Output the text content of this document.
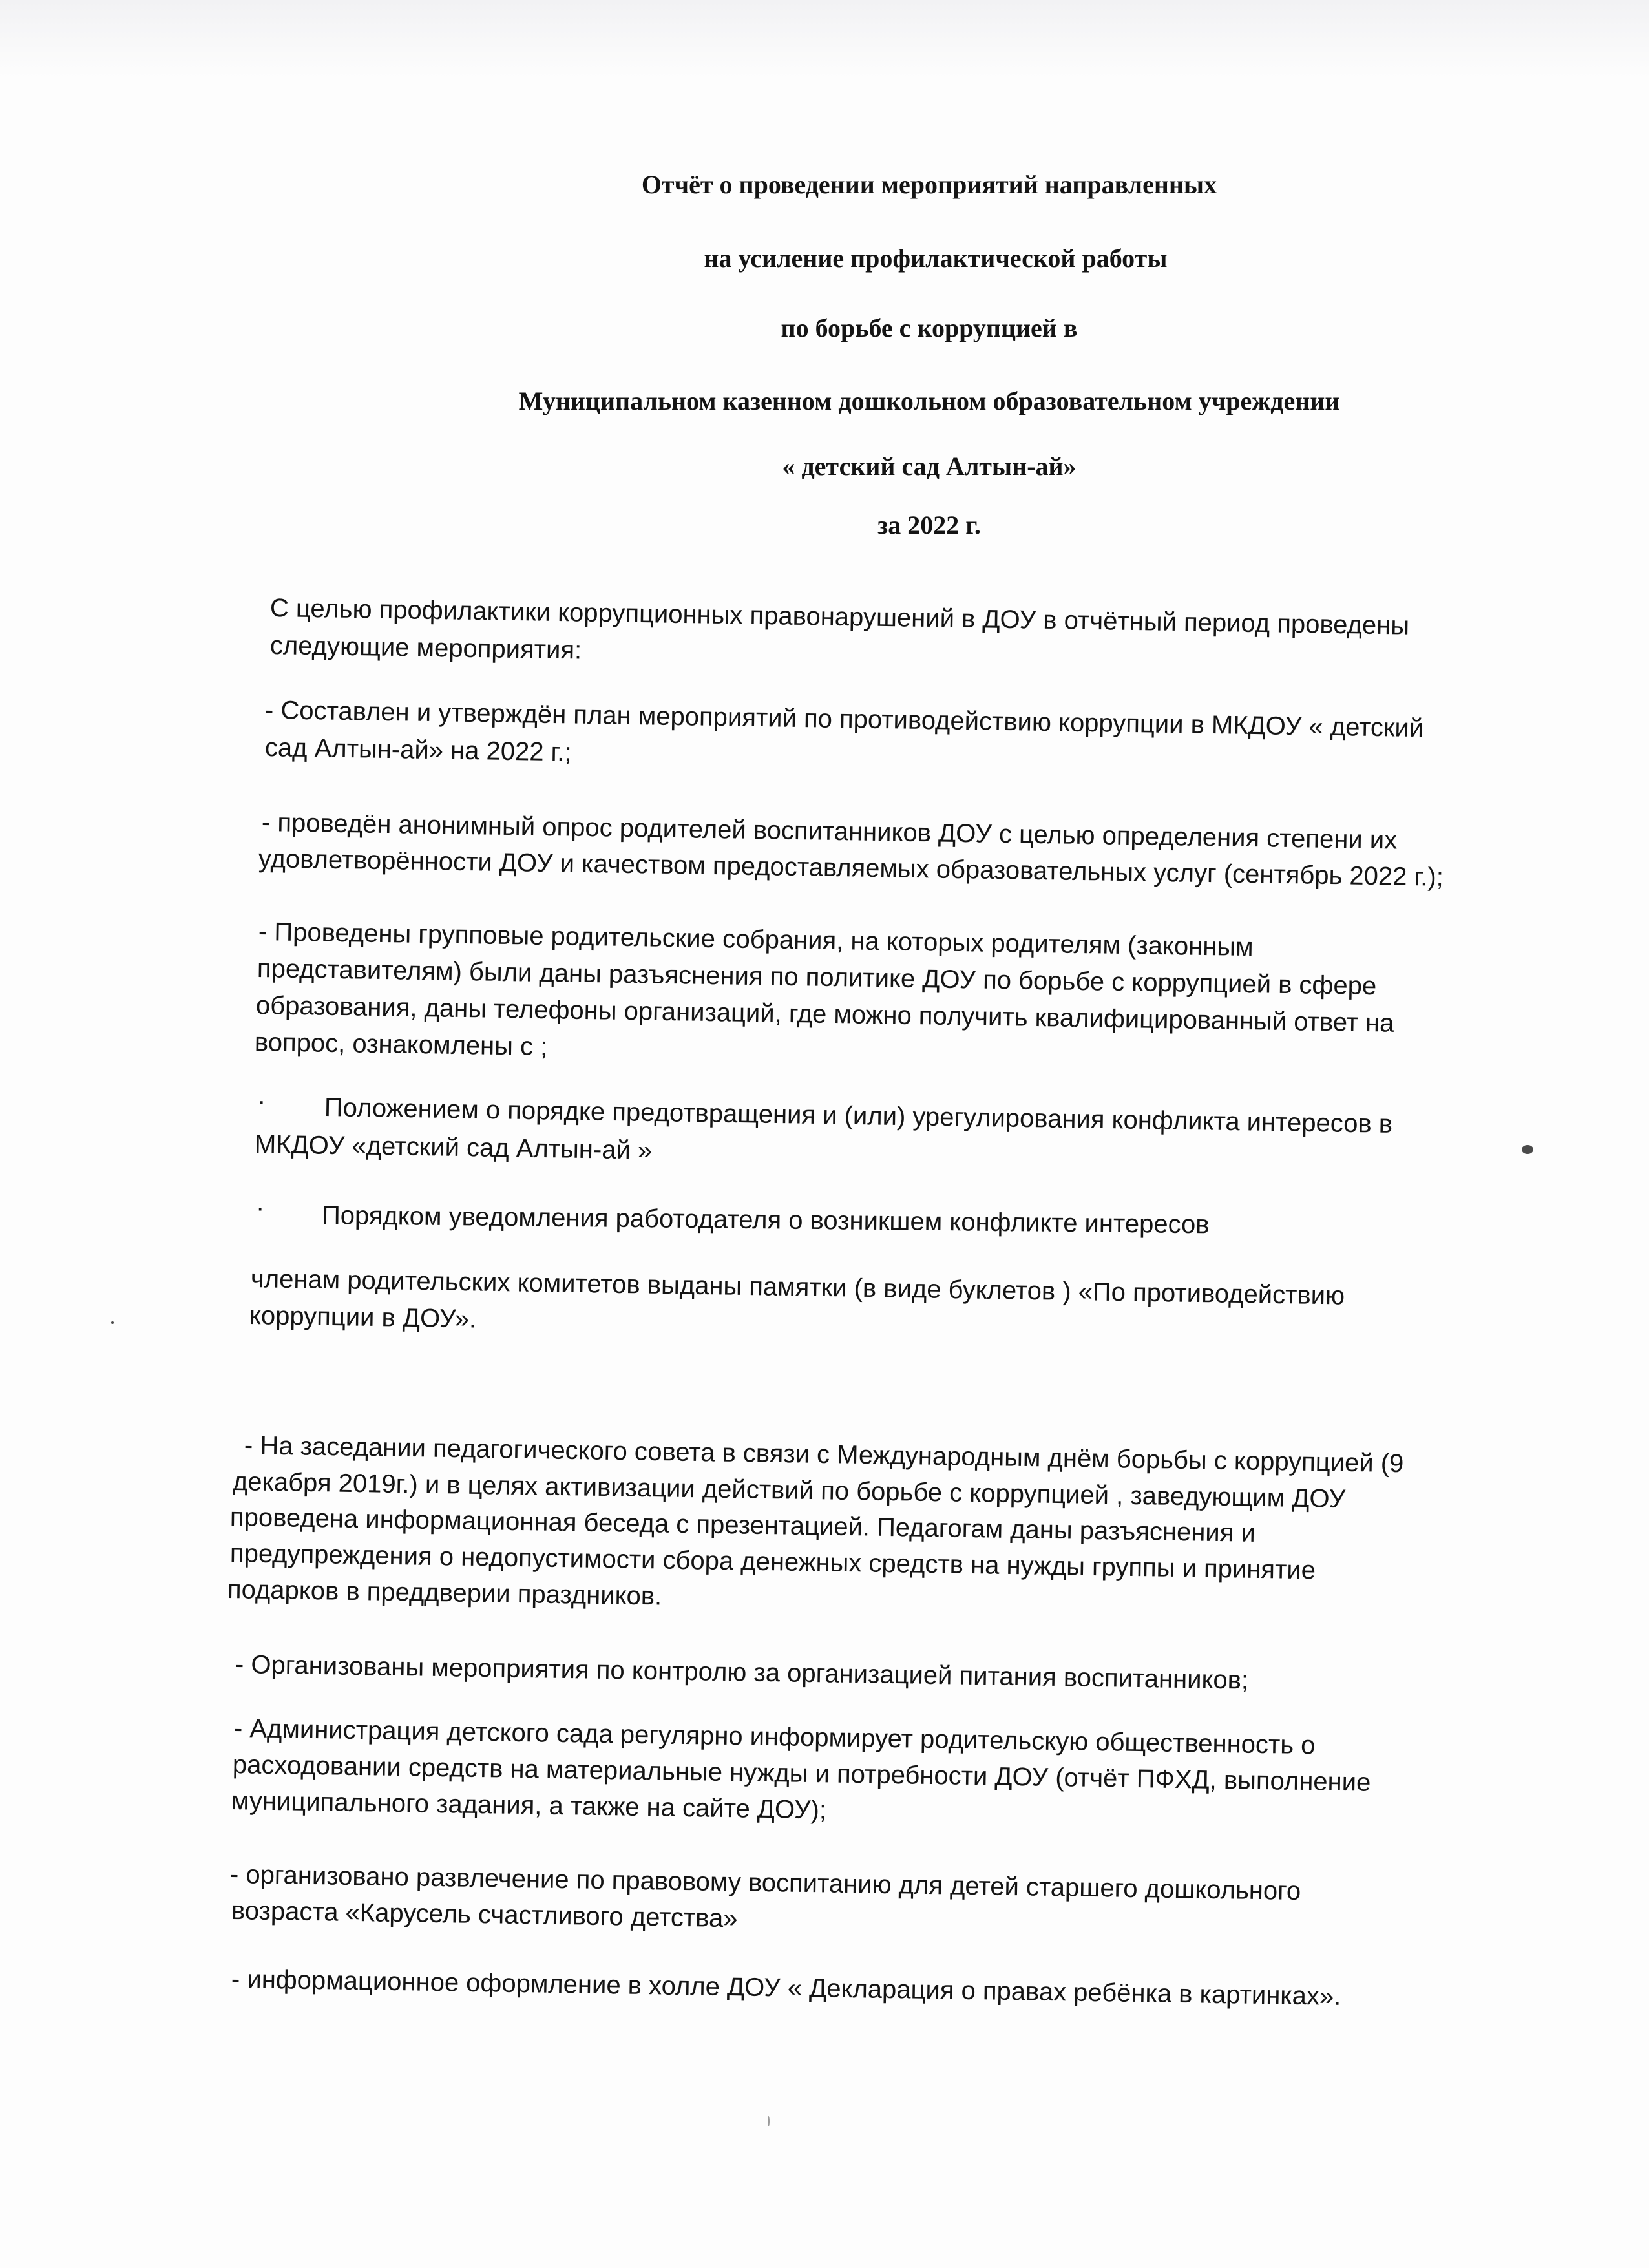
Отчёт о проведении мероприятий направленных
на усиление профилактической работы
по борьбе с коррупцией в
Муниципальном казенном дошкольном образовательном учреждении
« детский сад Алтын-ай»
за 2022 г.
С целью профилактики коррупционных правонарушений в ДОУ в отчётный период проведены
следующие мероприятия:
- Составлен и утверждён план мероприятий по противодействию коррупции в МКДОУ « детский
сад Алтын-ай» на 2022 г.;
- проведён анонимный опрос родителей воспитанников ДОУ с целью определения степени их
удовлетворённости ДОУ и качеством предоставляемых образовательных услуг (сентябрь 2022 г.);
- Проведены групповые родительские собрания, на которых родителям (законным
представителям) были даны разъяснения по политике ДОУ по борьбе с коррупцией в сфере
образования, даны телефоны организаций, где можно получить квалифицированный ответ на
вопрос, ознакомлены с ;
· Положением о порядке предотвращения и (или) урегулирования конфликта интересов в
МКДОУ «детский сад Алтын-ай »
· Порядком уведомления работодателя о возникшем конфликте интересов
членам родительских комитетов выданы памятки (в виде буклетов ) «По противодействию
коррупции в ДОУ».
- На заседании педагогического совета в связи с Международным днём борьбы с коррупцией (9
декабря 2019г.) и в целях активизации действий по борьбе с коррупцией , заведующим ДОУ
проведена информационная беседа с презентацией. Педагогам даны разъяснения и
предупреждения о недопустимости сбора денежных средств на нужды группы и принятие
подарков в преддверии праздников.
- Организованы мероприятия по контролю за организацией питания воспитанников;
- Администрация детского сада регулярно информирует родительскую общественность о
расходовании средств на материальные нужды и потребности ДОУ (отчёт ПФХД, выполнение
муниципального задания, а также на сайте ДОУ);
- организовано развлечение по правовому воспитанию для детей старшего дошкольного
возраста «Карусель счастливого детства»
- информационное оформление в холле ДОУ « Декларация о правах ребёнка в картинках».
